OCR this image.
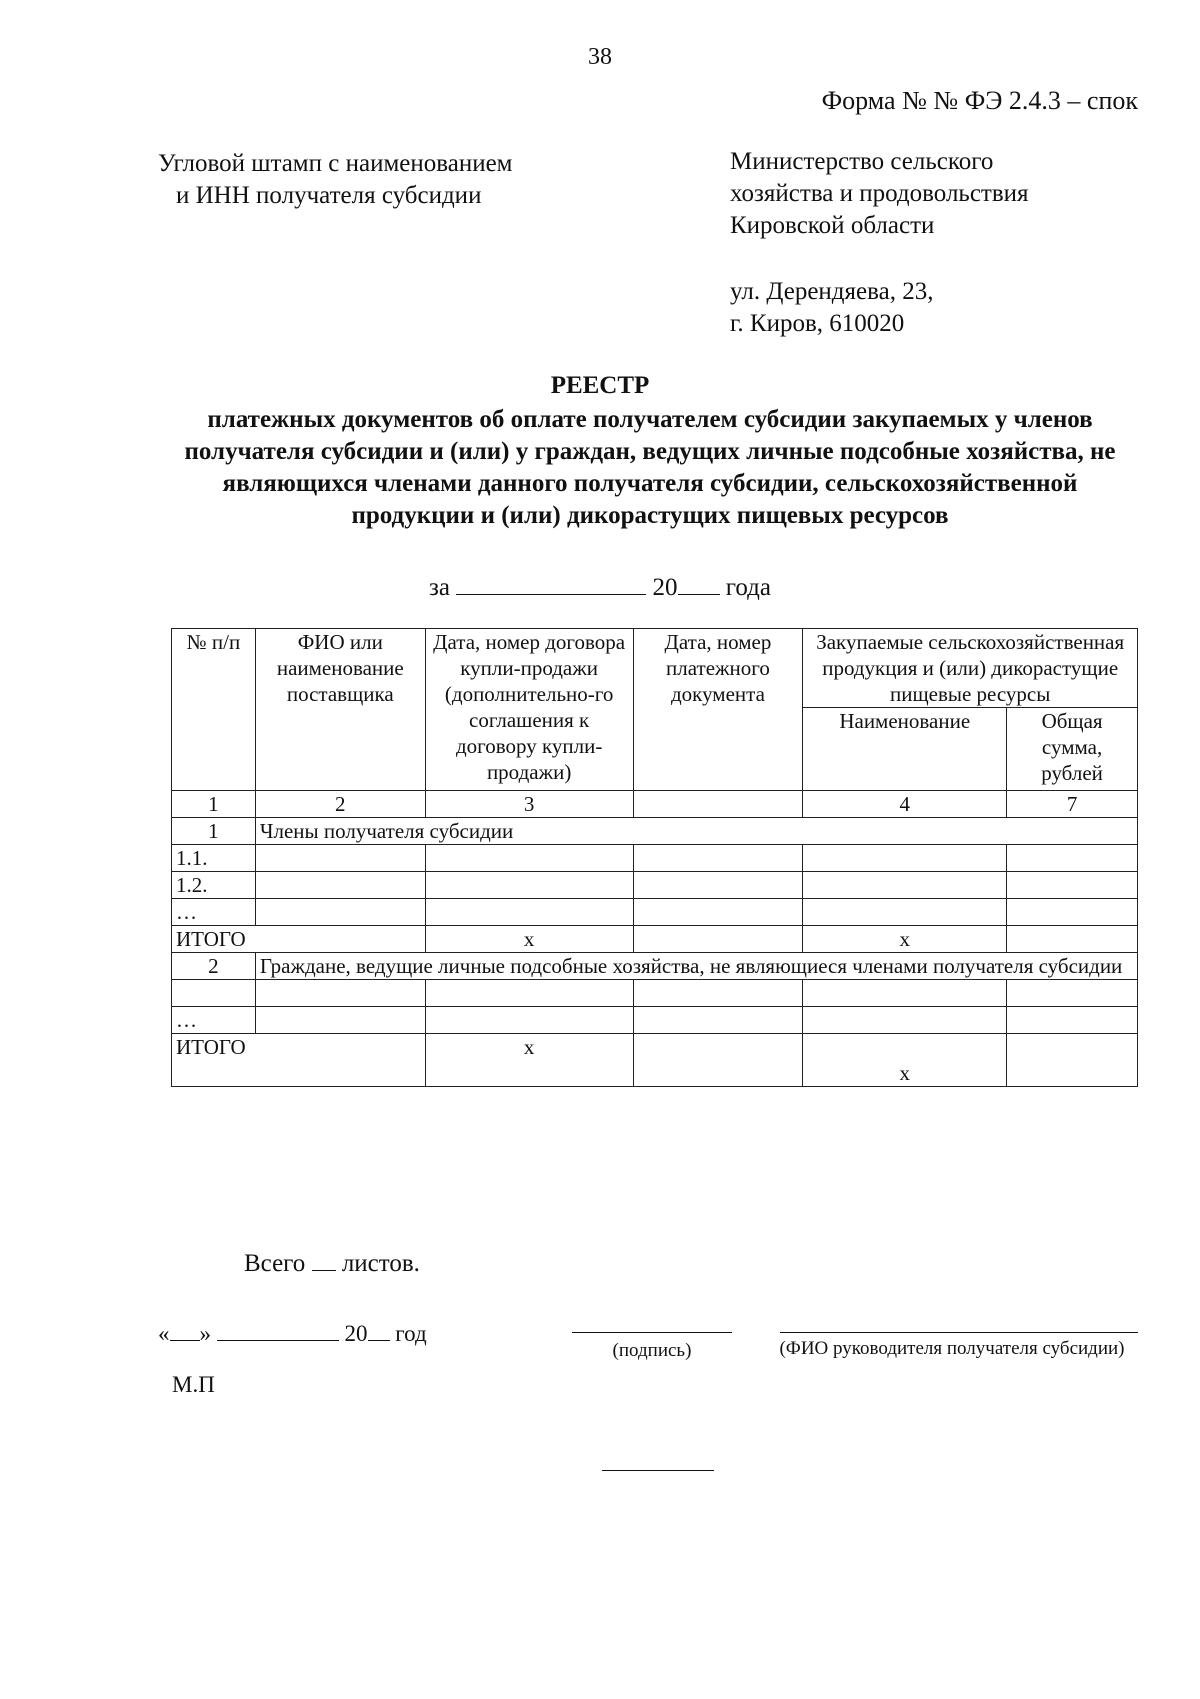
38
Форма № № ФЭ 2.4.3 – спок
Угловой штамп с наименованием
и ИНН получателя субсидии
Министерство сельского
хозяйства и продовольствия
Кировской области
ул. Дерендяева, 23,
г. Киров, 610020
РЕЕСТР
платежных документов об оплате получателем субсидии закупаемых у членов получателя субсидии и (или) у граждан, ведущих личные подсобные хозяйства, не являющихся членами данного получателя субсидии, сельскохозяйственной продукции и (или) дикорастущих пищевых ресурсов
за	20 года
№ п/п	ФИО или наименование поставщика	Дата, номер договора купли-продажи (дополнительно-го соглашения к договору купли-продажи)	Дата, номер платежного документа	Закупаемые сельскохозяйственная продукция и (или) дикорастущие пищевые ресурсы	
				Наименование	Общая сумма, рублей
1	2	3		4	7
1	Члены получателя субсидии				
1.1.					
1.2.					
…					
ИТОГО		х		х	
2	Граждане, ведущие личные подсобные хозяйства, не являющиеся членами получателя субсидии				

…					
ИТОГО		х		х	
Всего листов.
« »	20 год
(подпись)	(ФИО руководителя получателя субсидии)
М.П
